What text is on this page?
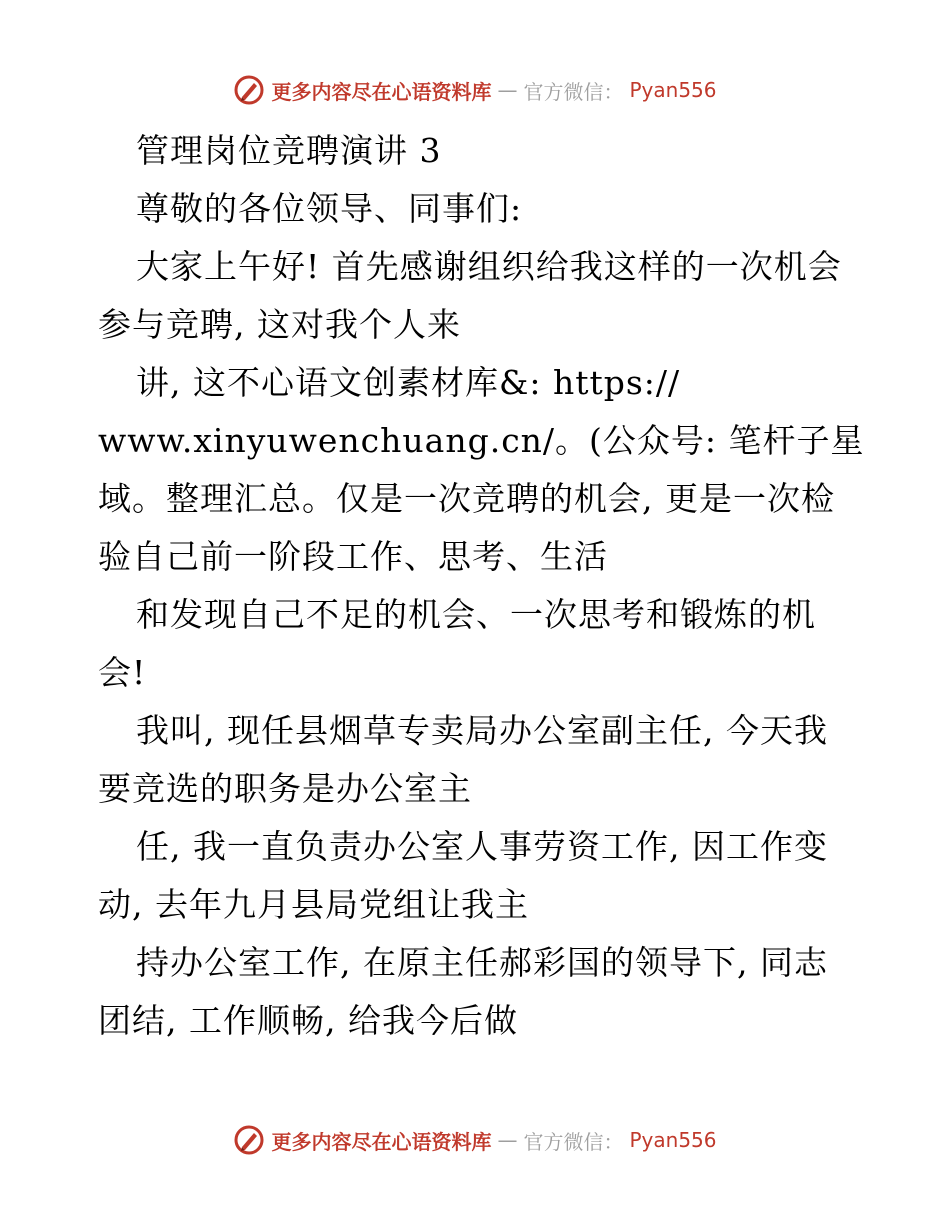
更多内容尽在心语资料库 — 官方微信： Pyan556
管理岗位竞聘演讲 3
尊敬的各位领导、同事们:
大家上午好! 首先感谢组织给我这样的一次机会
参与竞聘, 这对我个人来
讲, 这不心语文创素材库&: https://
www.xinyuwenchuang.cn/。(公众号: 笔杆子星
域。整理汇总。仅是一次竞聘的机会, 更是一次检
验自己前一阶段工作、思考、生活
和发现自己不足的机会、一次思考和锻炼的机
会!
我叫, 现任县烟草专卖局办公室副主任, 今天我
要竞选的职务是办公室主
任, 我一直负责办公室人事劳资工作, 因工作变
动, 去年九月县局党组让我主
持办公室工作, 在原主任郝彩国的领导下, 同志
团结, 工作顺畅, 给我今后做
更多内容尽在心语资料库 — 官方微信： Pyan556
